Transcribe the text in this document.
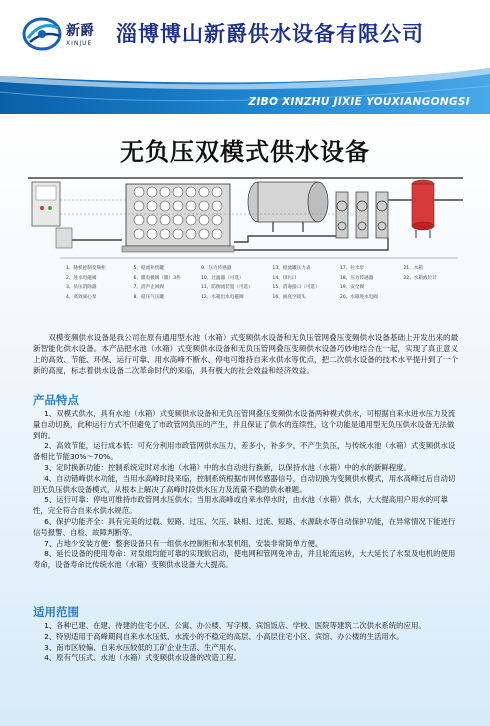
新爵
XINJUE 淄博博山新爵供水设备有限公司
ZIBO XINZHU JIXIE YOUXIANGONGSI
无负压双模式供水设备
1、随机控制变频柜
2、进水电磁阀
3、负压消除器
4、高效离心泵

5、稳流补偿罐
6、膜电极阀（膜）3件
7、消声止回阀
8、稳压气压罐

9、压力传感器
10、过滤器（可选）
11、防倒流装置（可选）
12、水箱出水电磁阀

13、稳流罐压力表
14、排污口
15、消毒接口（可选）
16、抽真空接头

17、拉水泵
18、压力传感器
19、安全阀
20、水箱进水电阀

21、水箱
22、水箱液位计
双模变频供水设备是我公司在原有通用型水池（水箱）式变频供水设备和无负压管网叠压变频供水设备基础上开发出来的最新智能化供水设备。本产品把水池（水箱）式变频供水设备和无负压管网叠压变频供水设备巧妙地结合在一起，实现了真正意义上的高效、节能、环保、运行可靠、用水高峰不断水、停电可维持自来水供水等优点，把二次供水设备的技术水平提升到了一个新的高度，标志着供水设备二次革命时代的来临，具有极大的社会效益和经济效益。
产品特点

1、双模式供水，具有水池（水箱）式变频供水设备和无负压管网叠压变频供水设备两种模式供水，可根据自来水进水压力及流量自动切换，此种运行方式不但避免了市政管网负压的产生，并且保证了供水的连续性，这个功能是通用型无负压供水设备无法做到的。

2、高效节能，运行成本低：可充分利用市政管网供水压力，差多小，补多少，不产生负压，与传统水池（水箱）式变频供水设备相比节能30%～70%。

3、定时换新功能：控制系统定时对水池（水箱）中的水自动进行换新，以保持水池（水箱）中的水的新鲜程度。

4、自动错峰供水功能，当用水高峰时段来临，控制系统根据市网传感器信号，自动切换为变频供水模式，用水高峰过后自动切回无负压供水设备模式，从根本上解决了高峰时段供水压力及流量不稳的供水难题。

5、运行可靠：停电可维持市政管网水压供水；当用水高峰或自来水停水时，由水池（水箱）供水，大大提高用户用水的可靠性，完全符合自来水供水规范。

6、保护功能齐全：具有完美的过载、短路、过压、欠压、缺相、过流、短路、水源缺水等自动保护功能，在异常情况下能进行信号报警、自检、故障判断等。

7、占地少安装方便：整套设备只有一组供水控制柜和水泵机组，安装非常简单方便。

8、延长设备的使用寿命：对泵组均能可靠的实现软启动，使电网和管网免冲击，并且轮流运转，大大延长了水泵及电机的使用寿命，设备寿命比传统水池（水箱）变频供水设备大大提高。

适用范围

1、各种已建、在建、待建的住宅小区、公寓、办公楼、写字楼、宾馆饭店、学校、医院等建筑二次供水系统的应用。

2、特别适用于高峰期间自来水水压低、水流小的不稳定的高层、小高层住宅小区、宾馆、办公楼的生活用水。

3、南市区较偏、自来水压较低的工矿企业生活、生产用水。

4、原有气压式、水池（水箱）式变频供水设备的改造工程。
